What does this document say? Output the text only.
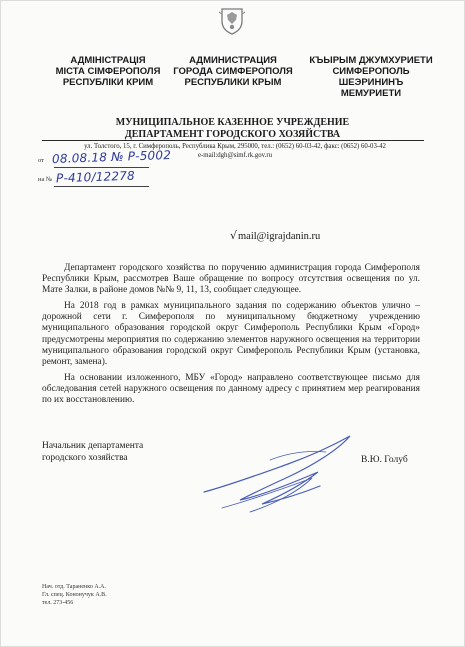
АДМІНІСТРАЦІЯ
МІСТА СІМФЕРОПОЛЯ
РЕСПУБЛІКИ КРИМ
АДМИНИСТРАЦИЯ
ГОРОДА СИМФЕРОПОЛЯ
РЕСПУБЛИКИ КРЫМ
КЪЫРЫМ ДЖУМХУРИЕТИ
СИМФЕРОПОЛЬ
ШЕЭРИНИНЪ
МЕМУРИЕТИ
МУНИЦИПАЛЬНОЕ КАЗЕННОЕ УЧРЕЖДЕНИЕ
ДЕПАРТАМЕНТ ГОРОДСКОГО ХОЗЯЙСТВА
ул. Толстого, 15, г. Симферополь, Республика Крым, 295000, тел.: (0652) 60-03-42, факс: (0652) 60-03-42
e-mail:dgh@simf.rk.gov.ru
от
на №
08.08.18 № Р-5002
Р-410/12278
√mail@igrajdanin.ru

Департамент городского хозяйства по поручению администрация города Симферополя Республики Крым, рассмотрев Ваше обращение по вопросу отсутствия освещения по ул. Мате Залки, в районе домов №№ 9, 11, 13, сообщает следующее.

На 2018 год в рамках муниципального задания по содержанию объектов улично – дорожной сети г. Симферополя по муниципальному бюджетному учреждению муниципального образования городской округ Симферополь Республики Крым «Город» предусмотрены мероприятия по содержанию элементов наружного освещения на территории муниципального образования городской округ Симферополь Республики Крым (установка, ремонт, замена).

На основании изложенного, МБУ «Город» направлено соответствующее письмо для обследования сетей наружного освещения по данному адресу с принятием мер реагирования по их восстановлению.

Начальник департамента
городского хозяйства	В.Ю. Голуб
Нач. отд. Тараненко А.А.
Гл. спец. Кононучук А.В.
тел. 273-456
